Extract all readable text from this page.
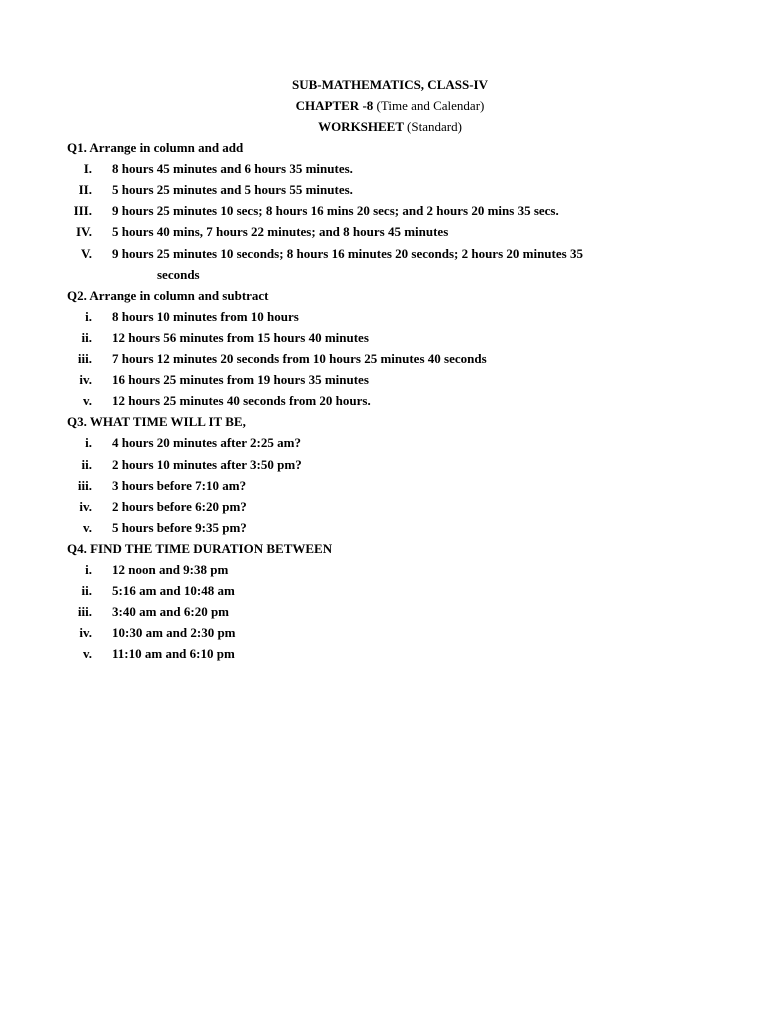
SUB-MATHEMATICS, CLASS-IV
CHAPTER -8 (Time and Calendar)
WORKSHEET (Standard)
Q1. Arrange in column and add
I. 8 hours 45 minutes and 6 hours 35 minutes.
II. 5 hours 25 minutes and 5 hours 55 minutes.
III. 9 hours 25 minutes 10 secs; 8 hours 16 mins 20 secs; and 2 hours 20 mins 35 secs.
IV. 5 hours 40 mins, 7 hours 22 minutes; and 8 hours 45 minutes
V. 9 hours 25 minutes 10 seconds; 8 hours 16 minutes 20 seconds; 2 hours 20 minutes 35
seconds
Q2. Arrange in column and subtract
i. 8 hours 10 minutes from 10 hours
ii. 12 hours 56 minutes from 15 hours 40 minutes
iii. 7 hours 12 minutes 20 seconds from 10 hours 25 minutes 40 seconds
iv. 16 hours 25 minutes from 19 hours 35 minutes
v. 12 hours 25 minutes 40 seconds from 20 hours.
Q3. WHAT TIME WILL IT BE,
i. 4 hours 20 minutes after 2:25 am?
ii. 2 hours 10 minutes after 3:50 pm?
iii. 3 hours before 7:10 am?
iv. 2 hours before 6:20 pm?
v. 5 hours before 9:35 pm?
Q4. FIND THE TIME DURATION BETWEEN
i. 12 noon and 9:38 pm
ii. 5:16 am and 10:48 am
iii. 3:40 am and 6:20 pm
iv. 10:30 am and 2:30 pm
v. 11:10 am and 6:10 pm
